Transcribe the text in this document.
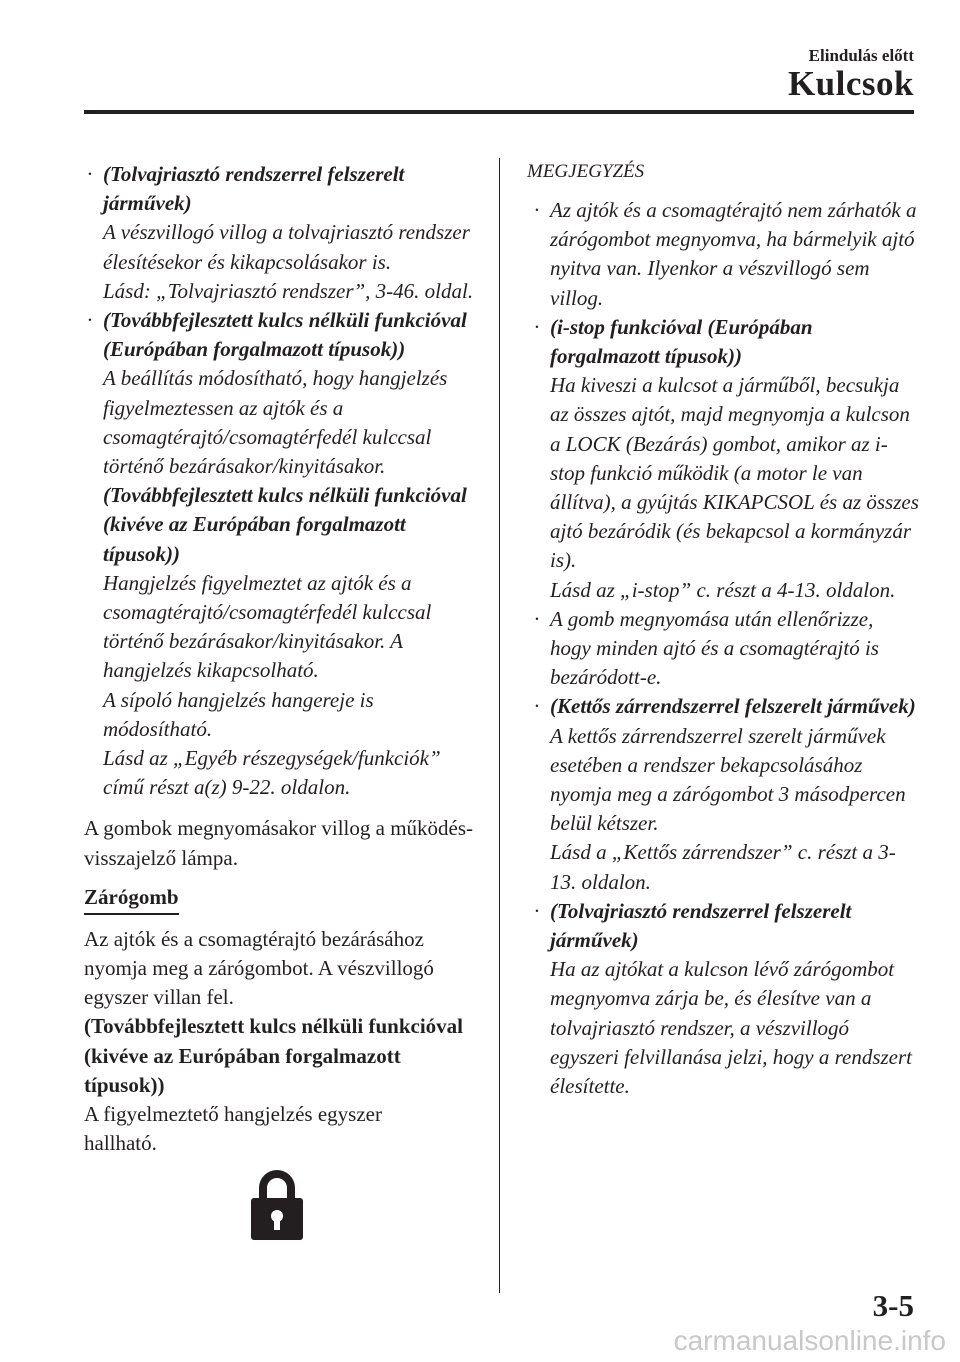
Elindulás előtt
Kulcsok
· (Tolvajriasztó rendszerrel felszerelt járművek)

A vészvillogó villog a tolvajriasztó rendszer élesítésekor és kikapcsolásakor is.

Lásd: „Tolvajriasztó rendszer”, 3-46. oldal.

· (Továbbfejlesztett kulcs nélküli funkcióval (Európában forgalmazott típusok))

A beállítás módosítható, hogy hangjelzés figyelmeztessen az ajtók és a csomagtérajtó/csomagtérfedél kulccsal történő bezárásakor/kinyitásakor.

(Továbbfejlesztett kulcs nélküli funkcióval (kivéve az Európában forgalmazott típusok))

Hangjelzés figyelmeztet az ajtók és a csomagtérajtó/csomagtérfedél kulccsal történő bezárásakor/kinyitásakor. A hangjelzés kikapcsolható.

A sípoló hangjelzés hangereje is módosítható.

Lásd az „Egyéb részegységek/funkciók” című részt a(z) 9-22. oldalon.

A gombok megnyomásakor villog a működés-visszajelző lámpa.

Zárógomb

Az ajtók és a csomagtérajtó bezárásához nyomja meg a zárógombot. A vészvillogó egyszer villan fel.

(Továbbfejlesztett kulcs nélküli funkcióval (kivéve az Európában forgalmazott típusok))

A figyelmeztető hangjelzés egyszer hallható.

MEGJEGYZÉS

· Az ajtók és a csomagtérajtó nem zárhatók a zárógombot megnyomva, ha bármelyik ajtó nyitva van. Ilyenkor a vészvillogó sem villog.

· (i-stop funkcióval (Európában forgalmazott típusok))

Ha kiveszi a kulcsot a járműből, becsukja az összes ajtót, majd megnyomja a kulcson a LOCK (Bezárás) gombot, amikor az i-stop funkció működik (a motor le van állítva), a gyújtás KIKAPCSOL és az összes ajtó bezáródik (és bekapcsol a kormányzár is).

Lásd az „i-stop” c. részt a 4-13. oldalon.

· A gomb megnyomása után ellenőrizze, hogy minden ajtó és a csomagtérajtó is bezáródott-e.

· (Kettős zárrendszerrel felszerelt járművek)

A kettős zárrendszerrel szerelt járművek esetében a rendszer bekapcsolásához nyomja meg a zárógombot 3 másodpercen belül kétszer.

Lásd a „Kettős zárrendszer” c. részt a 3-13. oldalon.

· (Tolvajriasztó rendszerrel felszerelt járművek)

Ha az ajtókat a kulcson lévő zárógombot megnyomva zárja be, és élesítve van a tolvajriasztó rendszer, a vészvillogó egyszeri felvillanása jelzi, hogy a rendszert élesítette.

3-5
carmanualsonline.info
